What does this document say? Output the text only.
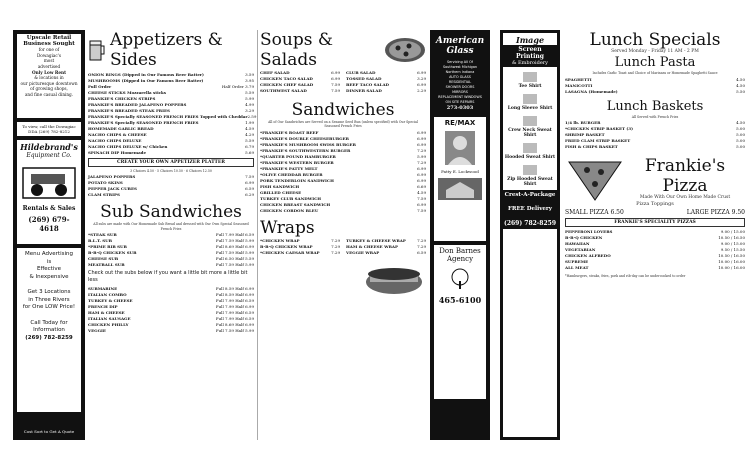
Upscale Retail
Business Sought
for one of
Dowagiac's
most
advertised
Only Low Rent
& locations in
our picturesque downtown
of growing shops,
and fine casual dining.
To view, call the Dowagiac
DDA (269) 782-8212
Hildebrand's
Equipment Co.
Rentals & Sales
(269) 679-4618
Menu Advertising
is
Effective
& Inexpensive
Get 3 Locations
in Three Rivers
for One LOW Price!
Call Today for
Information
(269) 782-8259
Cost Sort to Get A Quote
Appetizers & Sides
ONION RINGS (Dipped in Our Famous Beer Batter)	3.59
MUSHROOMS (Dipped in Our Famous Beer Batter)	3.95
Full Order	Half Order 3.79
CHEESE STICKS Mozzarella sticks	5.59
FRANKIE'S CHICKEN STRIPS	5.99
FRANKIE'S BREADED JALAPENO POPPERS	4.99
FRANKIE'S BREADED STEAK FRIES	3.29
FRANKIE'S Specially SEASONED FRENCH FRIES Topped with Cheddar 2.59
FRANKIE'S Specially SEASONED FRENCH FRIES	1.99
HOMEMADE GARLIC BREAD	4.59
NACHO CHIPS & CHEESE	4.29
NACHO CHIPS DELUXE	5.59
NACHO CHIPS DELUXE w/ Chicken	6.79
SPINACH DIP Homemade	5.69
CREATE YOUR OWN APPETIZER PLATTER
3 Choices 4.50 · 5 Choices 10.50 · 6 Choices 12.50
JALAPENO POPPERS	7.59
POTATO SKINS	6.99
PEPPER JACK CUBES	6.59
CLAM STRIPS	6.29
Sub Sandwiches
All subs are made with Our Homemade Sub Bread and dressed with Our Own Special Seasoned French Fries
*STEAK SUB	Full 7.99 Half 6.59
B.L.T. SUB	Full 7.59 Half 5.99
*PRIME RIB SUB	Full 8.69 Half 6.99
B-B-Q CHICKEN SUB	Full 7.59 Half 5.99
CHEESE SUB	Full 6.50 Half 5.59
MEATBALL SUB	Full 7.59 Half 5.99
Check out the subs below if you want a little bit more a little bit less
SUBMARINE	Full 8.59 Half 6.99
ITALIAN COMBO	Full 8.59 Half 6.99
TURKEY & CHEESE	Full 7.99 Half 6.59
FRENCH DIP	Full 7.99 Half 6.99
HAM & CHEESE	Full 7.99 Half 6.59
ITALIAN SAUSAGE	Full 7.99 Half 6.59
CHICKEN PHILLY	Full 8.69 Half 6.99
VEGGIE	Full 7.59 Half 5.99
Soups & Salads
CHEF SALAD	6.99
CHICKEN TACO SALAD	6.99
CHICKEN CHEF SALAD	7.59
SOUTHWEST SALAD	7.59
CLUB SALAD	6.99
TOSSED SALAD	3.29
BEEF TACO SALAD	6.99
DINNER SALAD	2.29
Sandwiches
All of Our Sandwiches are Served on a Sesame Seed Bun (unless specified) with Our Special Seasoned French Fries
*FRANKIE'S ROAST BEEF	6.99
*FRANKIE'S DOUBLE CHEESEBURGER	6.99
*FRANKIE'S MUSHROOM SWISS BURGER	6.99
*FRANKIE'S SOUTHWESTERN BURGER	7.29
*QUARTER POUND HAMBURGER	5.99
*FRANKIE'S WESTERN BURGER	7.29
*FRANKIE'S PATTY MELT	6.99
*OLIVE CHEDDAR BURGER	6.99
PORK TENDERLOIN SANDWICH	6.99
FISH SANDWICH	6.69
GRILLED CHEESE	4.59
TURKEY CLUB SANDWICH	7.59
CHICKEN BREAST SANDWICH	6.99
CHICKEN CORDON BLEU	7.59
Wraps
*CHICKEN WRAP	7.29
B-B-Q CHICKEN WRAP	7.29
*CHICKEN CAESAR WRAP	7.29
TURKEY & CHEESE WRAP	7.29
HAM & CHEESE WRAP	7.29
VEGGIE WRAP	6.59
American
Glass
Servicing All Of
Southwest Michigan
Northern Indiana
AUTO GLASS
RESIDENTIAL
SHOWER DOORS
MIRRORS
REPLACEMENT WINDOWS
ON SITE REPAIRS
273-0303
RE/MAX
Patty E. Lockwood
Don Barnes
Agency
465-6100
Image
Screen
Printing
& Embroidery
Tee Shirt
Long Sleeve Shirt
Crew Neck Sweat Shirt
Hooded Sweat Shirt
Zip Hooded Sweat Shirt
Crest-A-Package
FREE Delivery
(269) 782-8259
Lunch Specials
Served Monday - Friday 11 AM - 2 PM
Lunch Pasta
Includes Garlic Toast and Choice of Marinara or Homemade Spaghetti Sauce
SPAGHETTI	4.50
MANICOTTI	4.50
LASAGNA (Homemade)	5.50
Lunch Baskets
All Served with French Fries
1/4 lb. BURGER	4.50
*CHICKEN STRIP BASKET (3)	5.00
SHRIMP BASKET	5.00
FRIED CLAM STRIP BASKET	5.00
FISH & CHIPS BASKET	5.00
Frankie's Pizza
Made With Our Own Home Made Crust
Pizza Toppings
SMALL PIZZA 6.50	LARGE PIZZA 9.50
FRANKIE'S SPECIALITY PIZZAS
PEPPERONI LOVERS	9.00 / 15.00
B-B-Q CHICKEN	10.50 / 16.50
HAWAIIAN	9.00 / 15.00
VEGETARIAN	9.50 / 15.50
CHICKEN ALFREDO	10.50 / 16.50
SUPREME	10.00 / 16.00
ALL MEAT	10.00 / 16.00
*Hamburgers, steaks, fries, pork and rib-day can be undercooked to order
